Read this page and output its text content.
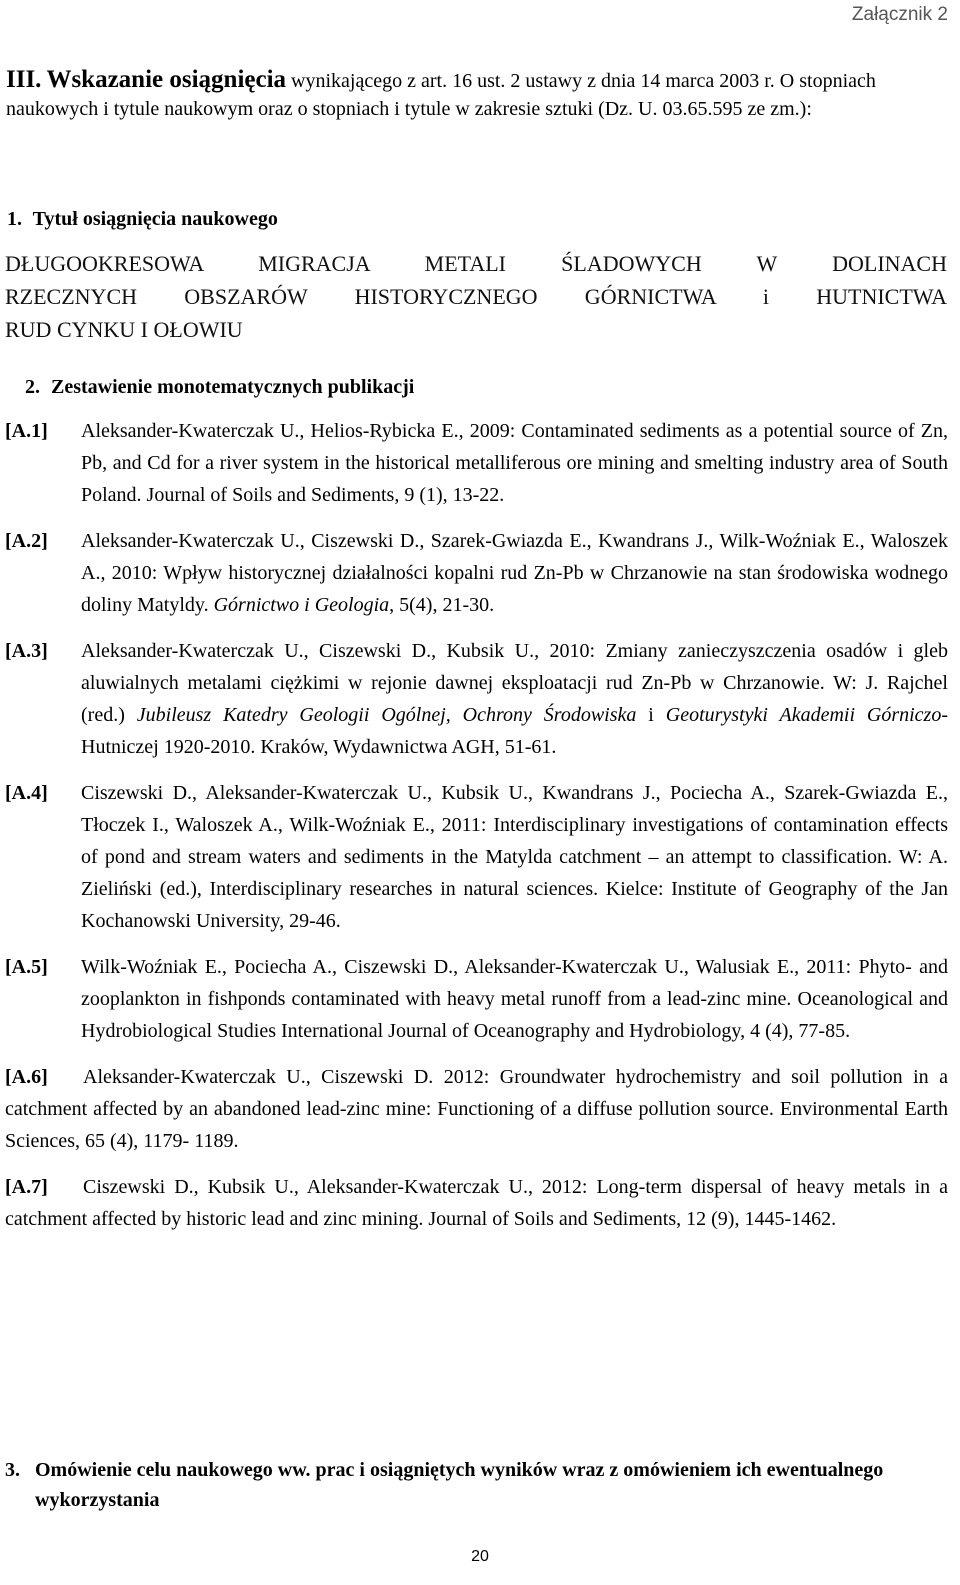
Załącznik 2
III. Wskazanie osiągnięcia wynikającego z art. 16 ust. 2 ustawy z dnia 14 marca 2003 r. O stopniach naukowych i tytule naukowym oraz o stopniach i tytule w zakresie sztuki (Dz. U. 03.65.595 ze zm.):
1. Tytuł osiągnięcia naukowego
DŁUGOOKRESOWA MIGRACJA METALI ŚLADOWYCH W DOLINACH
RZECZNYCH OBSZARÓW HISTORYCZNEGO GÓRNICTWA i HUTNICTWA
RUD CYNKU I OŁOWIU
2. Zestawienie monotematycznych publikacji
[A.1] Aleksander-Kwaterczak U., Helios-Rybicka E., 2009: Contaminated sediments as a potential source of Zn, Pb, and Cd for a river system in the historical metalliferous ore mining and smelting industry area of South Poland. Journal of Soils and Sediments, 9 (1), 13-22.
[A.2] Aleksander-Kwaterczak U., Ciszewski D., Szarek-Gwiazda E., Kwandrans J., Wilk-Woźniak E., Waloszek A., 2010: Wpływ historycznej działalności kopalni rud Zn-Pb w Chrzanowie na stan środowiska wodnego doliny Matyldy. Górnictwo i Geologia, 5(4), 21-30.
[A.3] Aleksander-Kwaterczak U., Ciszewski D., Kubsik U., 2010: Zmiany zanieczyszczenia osadów i gleb aluwialnych metalami ciężkimi w rejonie dawnej eksploatacji rud Zn-Pb w Chrzanowie. W: J. Rajchel (red.) Jubileusz Katedry Geologii Ogólnej, Ochrony Środowiska i Geoturystyki Akademii Górniczo-Hutniczej 1920-2010. Kraków, Wydawnictwa AGH, 51-61.
[A.4] Ciszewski D., Aleksander-Kwaterczak U., Kubsik U., Kwandrans J., Pociecha A., Szarek-Gwiazda E., Tłoczek I., Waloszek A., Wilk-Woźniak E., 2011: Interdisciplinary investigations of contamination effects of pond and stream waters and sediments in the Matylda catchment – an attempt to classification. W: A. Zieliński (ed.), Interdisciplinary researches in natural sciences. Kielce: Institute of Geography of the Jan Kochanowski University, 29-46.
[A.5] Wilk-Woźniak E., Pociecha A., Ciszewski D., Aleksander-Kwaterczak U., Walusiak E., 2011: Phyto- and zooplankton in fishponds contaminated with heavy metal runoff from a lead-zinc mine. Oceanological and Hydrobiological Studies International Journal of Oceanography and Hydrobiology, 4 (4), 77-85.
[A.6]	Aleksander-Kwaterczak U., Ciszewski D. 2012: Groundwater hydrochemistry and soil pollution in a catchment affected by an abandoned lead-zinc mine: Functioning of a diffuse pollution source. Environmental Earth Sciences, 65 (4), 1179- 1189.
[A.7]	Ciszewski D., Kubsik U., Aleksander-Kwaterczak U., 2012: Long-term dispersal of heavy metals in a catchment affected by historic lead and zinc mining. Journal of Soils and Sediments, 12 (9), 1445-1462.
3. Omówienie celu naukowego ww. prac i osiągniętych wyników wraz z omówieniem ich ewentualnego wykorzystania
20
